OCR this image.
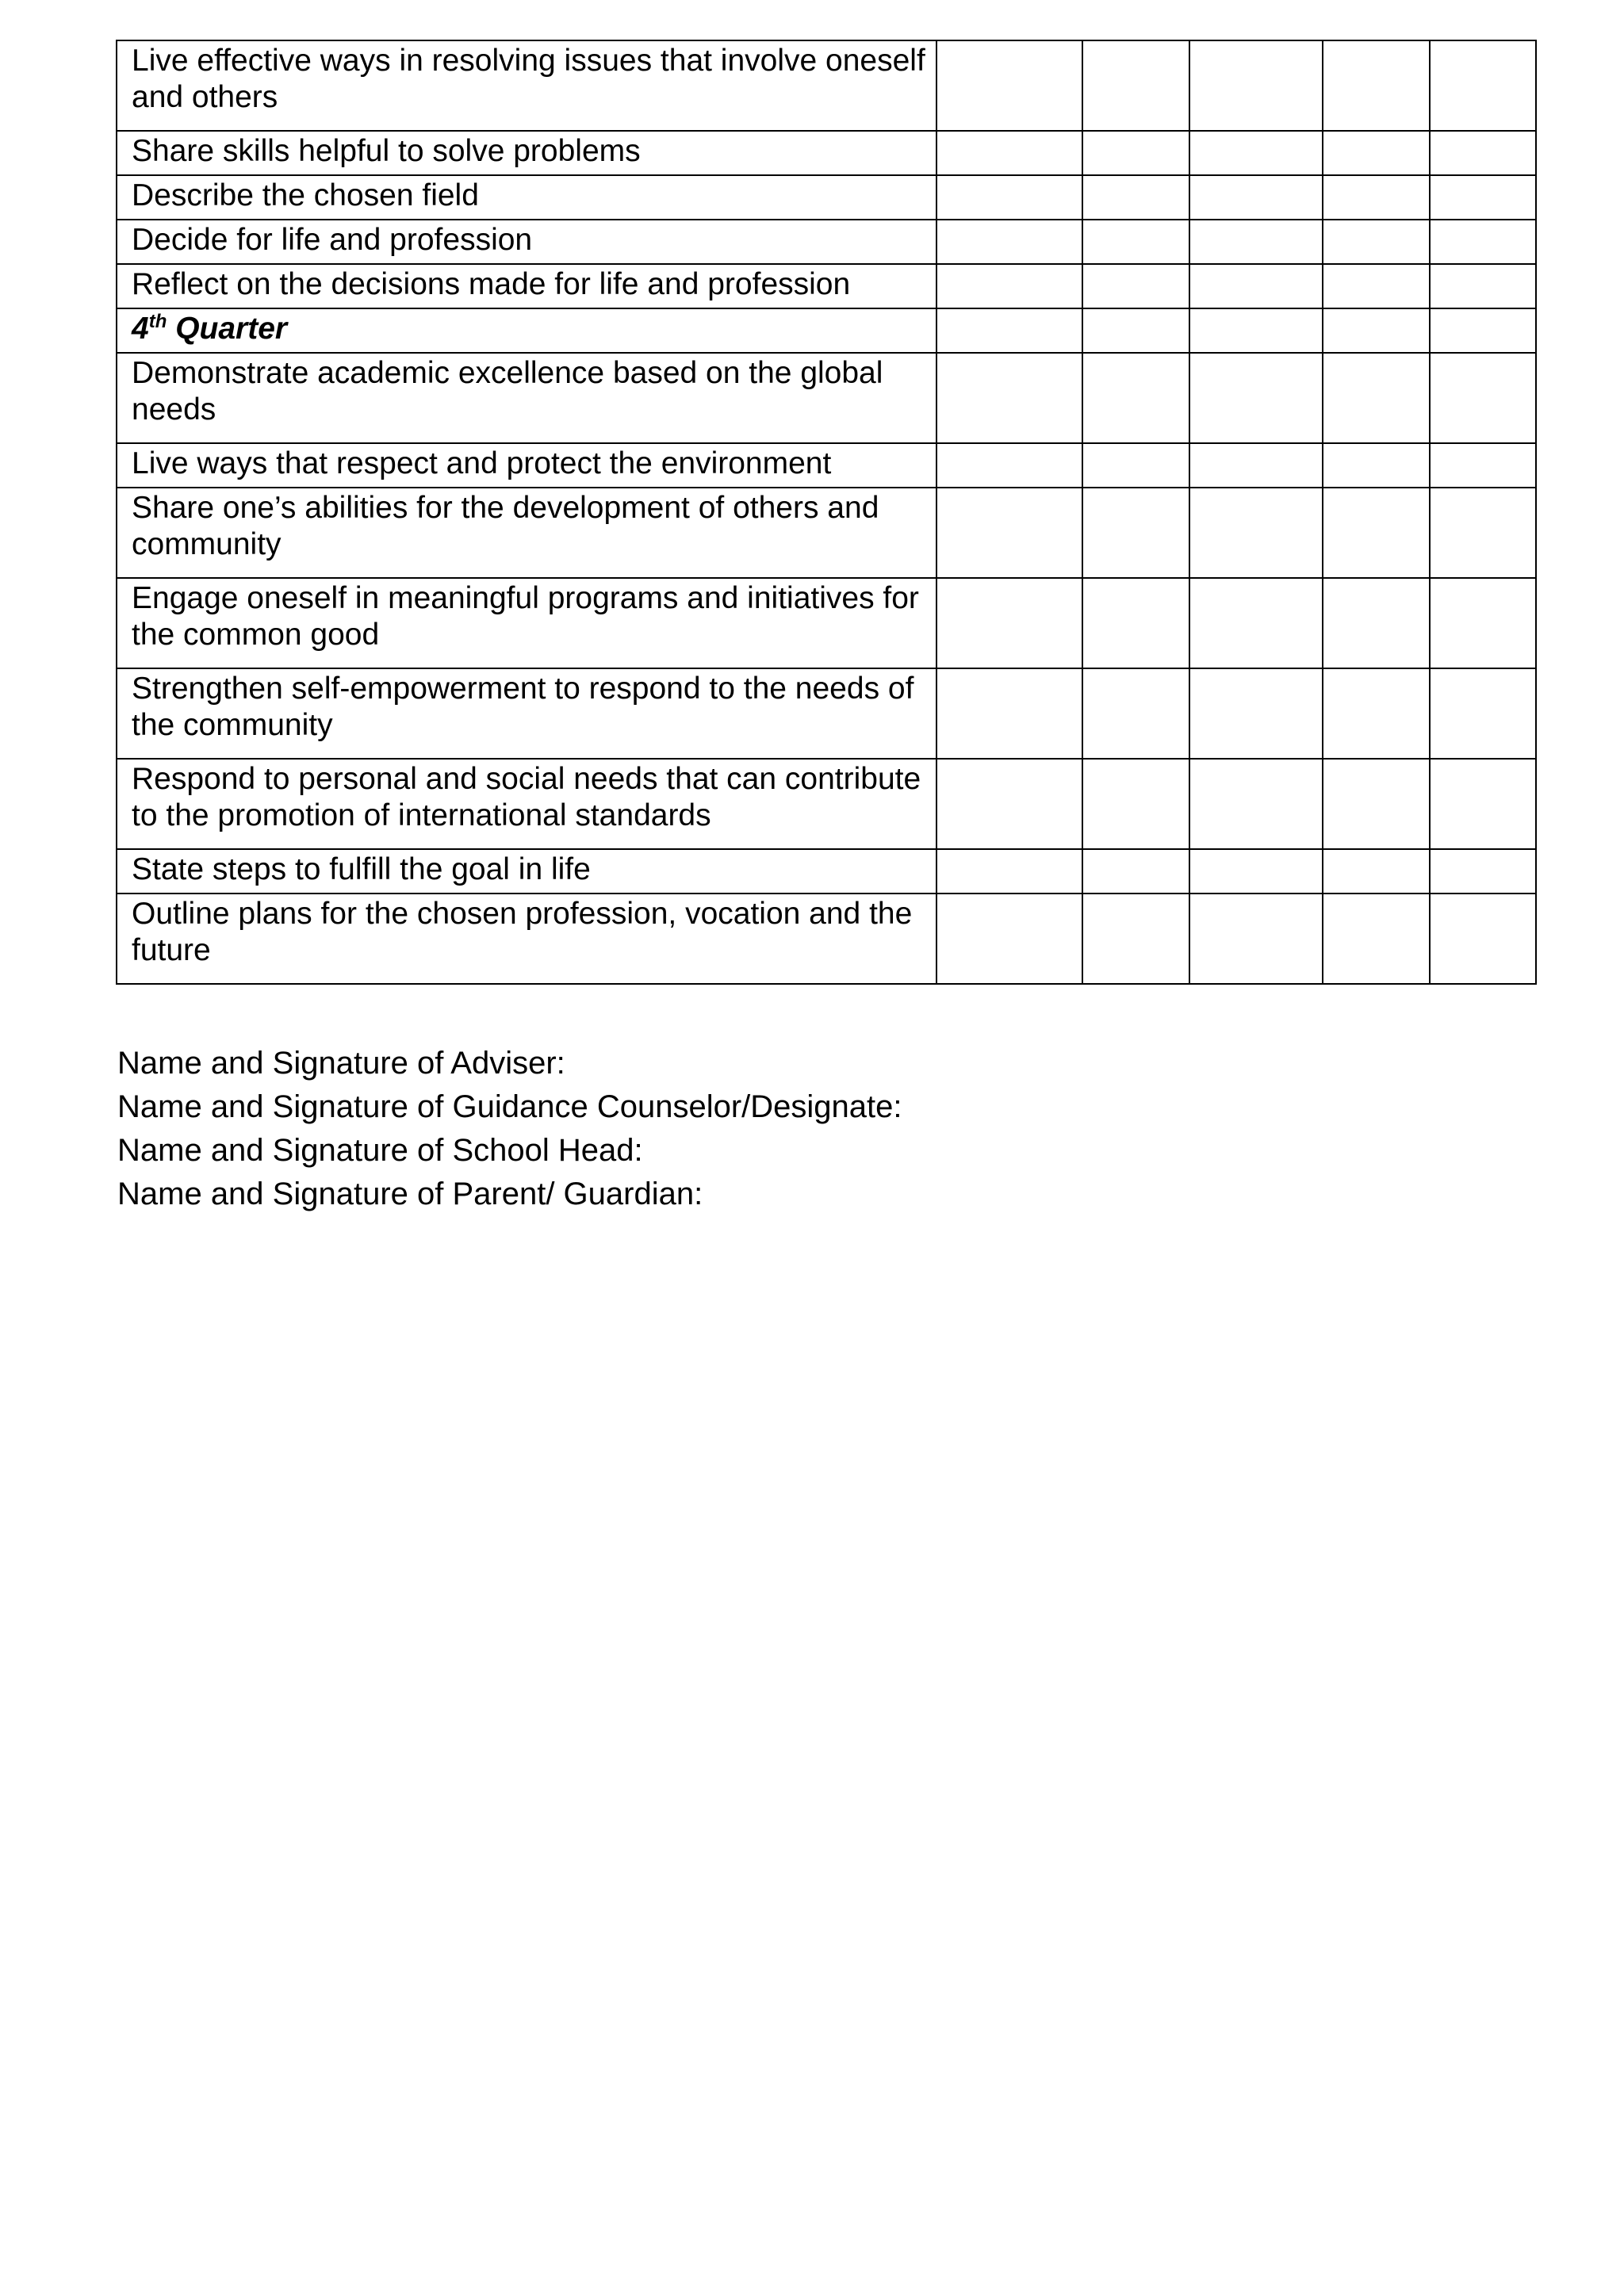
Live effective ways in resolving issues that involve oneself and others					

Share skills helpful to solve problems					

Describe the chosen field					

Decide for life and profession					

Reflect on the decisions made for life and profession					

4th Quarter					

Demonstrate academic excellence based on the global needs					

Live ways that respect and protect the environment					

Share one’s abilities for the development of others and community					

Engage oneself in meaningful programs and initiatives for the common good					

Strengthen self-empowerment to respond to the needs of the community					

Respond to personal and social needs that can contribute to the promotion of international standards					

State steps to fulfill the goal in life					

Outline plans for the chosen profession, vocation and the future					

Name and Signature of Adviser:
Name and Signature of Guidance Counselor/Designate:
Name and Signature of School Head:
Name and Signature of Parent/ Guardian:
